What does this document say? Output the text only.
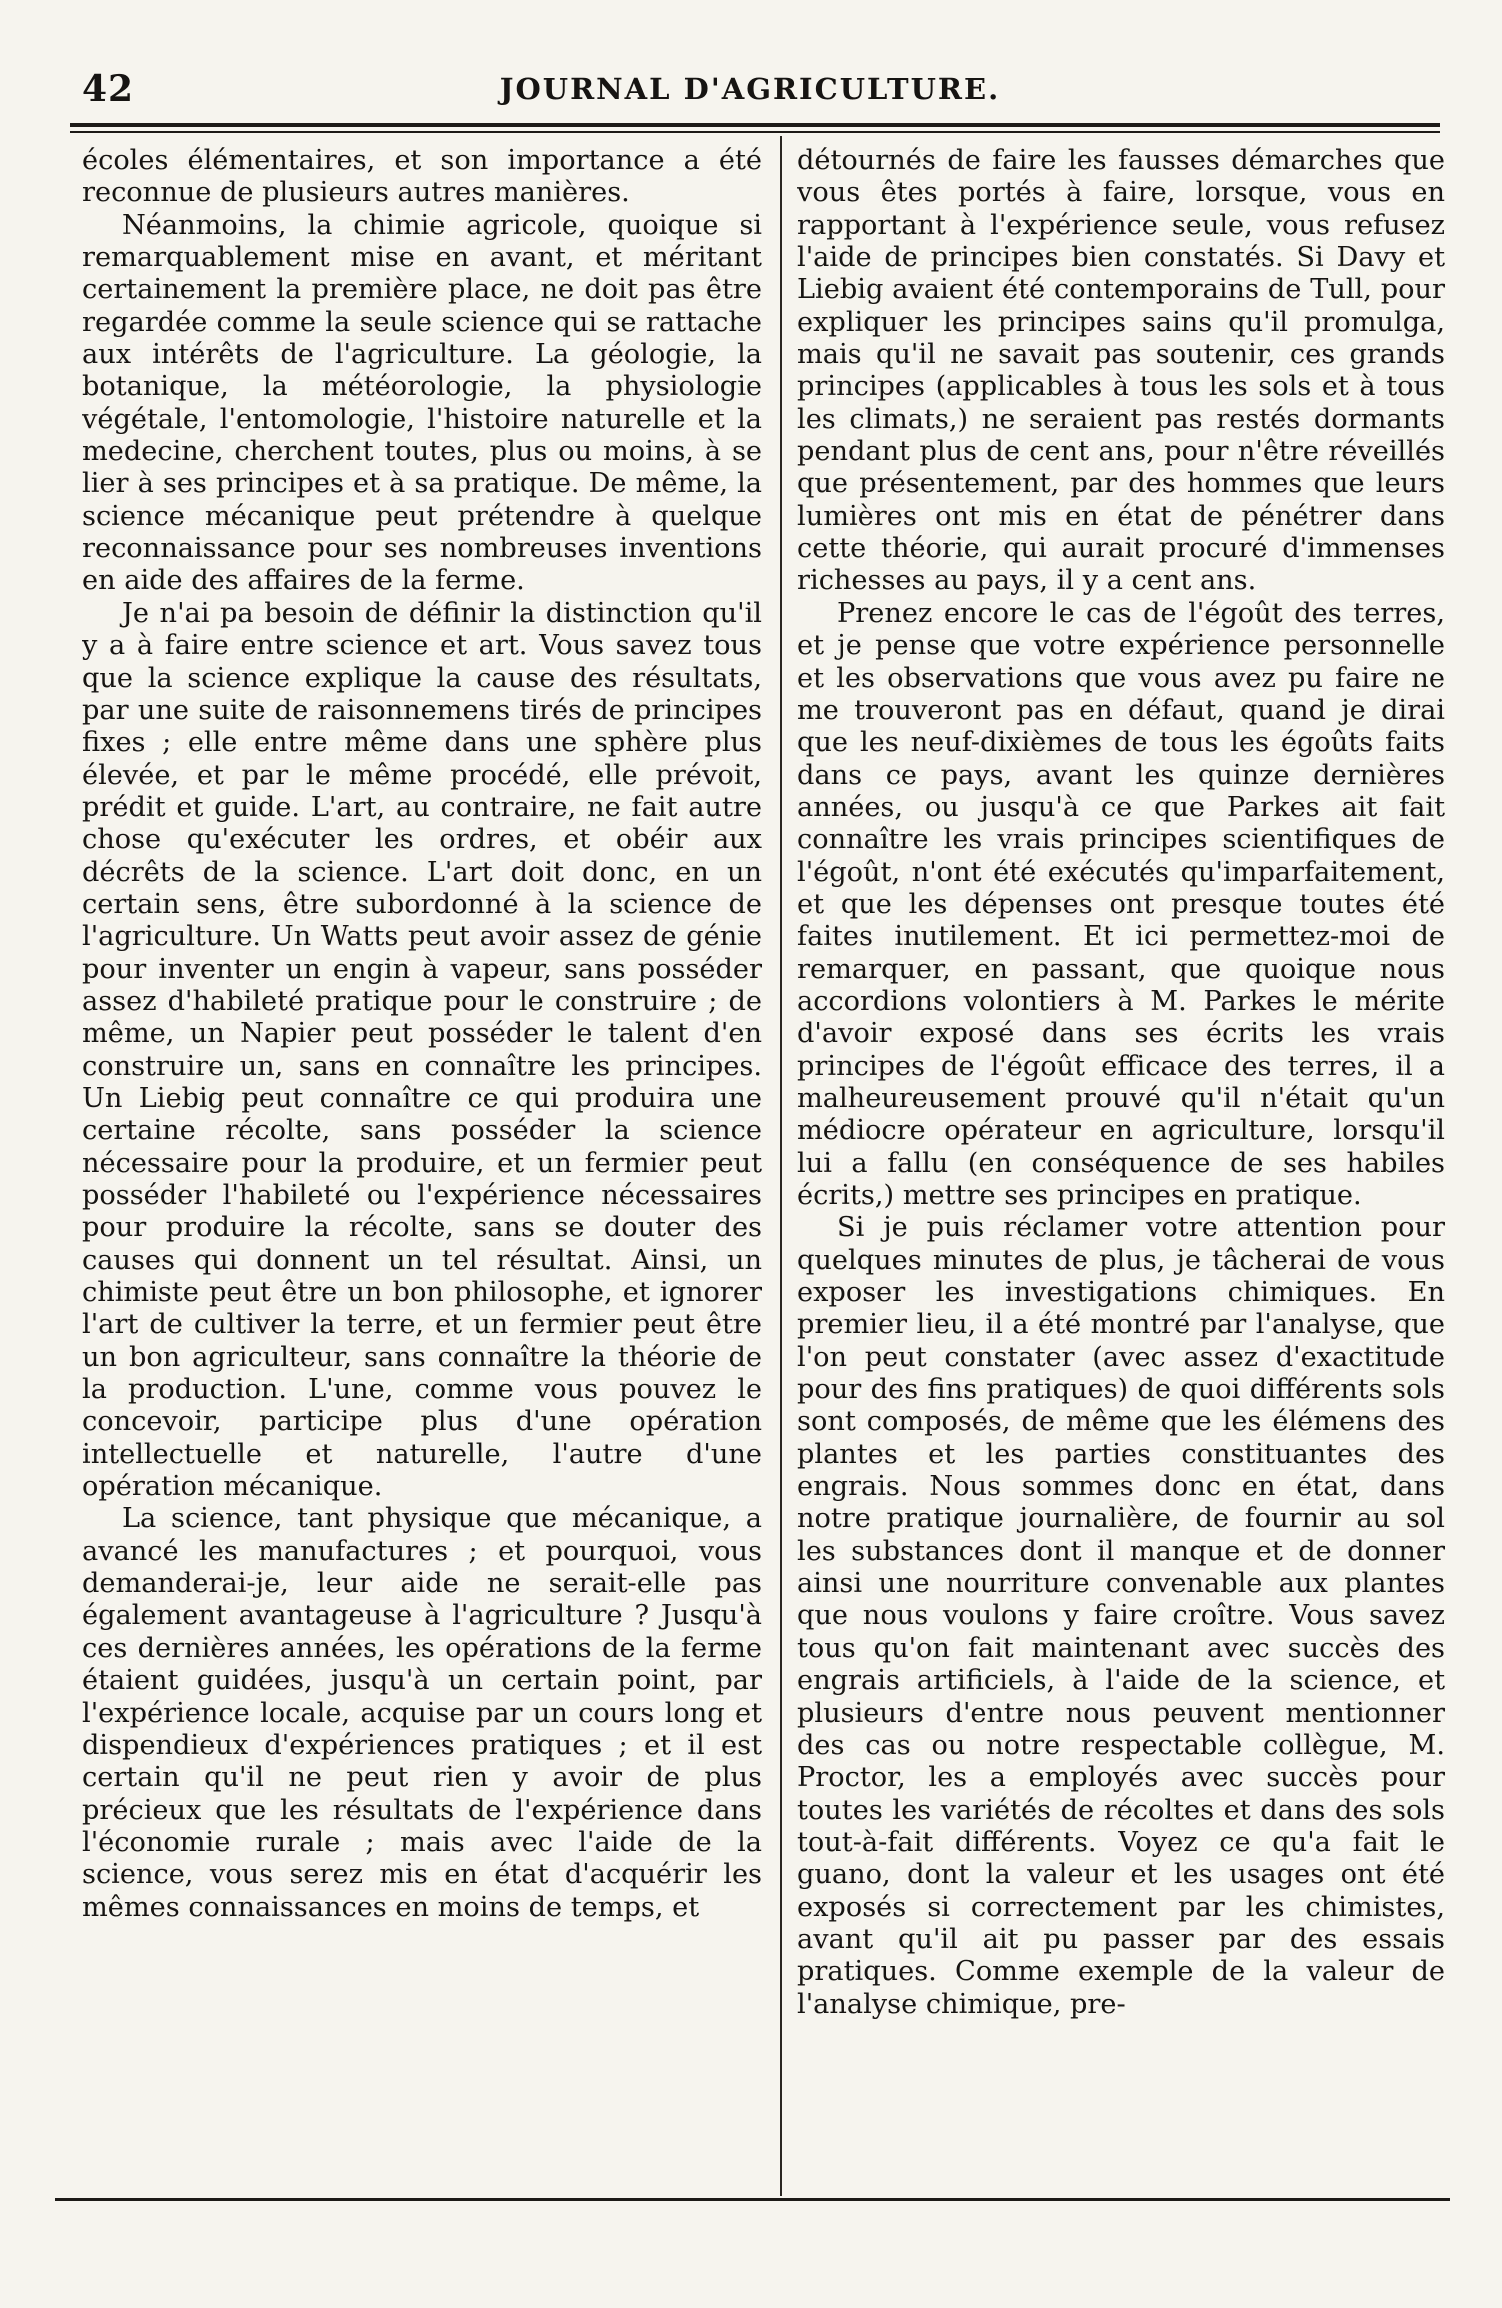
42	JOURNAL D'AGRICULTURE.

écoles élémentaires, et son importance a été reconnue de plusieurs autres manières.

Néanmoins, la chimie agricole, quoique si remarquablement mise en avant, et méritant certainement la première place, ne doit pas être regardée comme la seule science qui se rattache aux intérêts de l'agriculture. La géologie, la botanique, la météorologie, la physiologie végétale, l'entomologie, l'histoire naturelle et la medecine, cherchent toutes, plus ou moins, à se lier à ses principes et à sa pratique. De même, la science mécanique peut prétendre à quelque reconnaissance pour ses nombreuses inventions en aide des affaires de la ferme.

Je n'ai pa besoin de définir la distinction qu'il y a à faire entre science et art. Vous savez tous que la science explique la cause des résultats, par une suite de raisonnemens tirés de principes fixes ; elle entre même dans une sphère plus élevée, et par le même procédé, elle prévoit, prédit et guide. L'art, au contraire, ne fait autre chose qu'exécuter les ordres, et obéir aux décrêts de la science. L'art doit donc, en un certain sens, être subordonné à la science de l'agriculture. Un Watts peut avoir assez de génie pour inventer un engin à vapeur, sans posséder assez d'habileté pratique pour le construire ; de même, un Napier peut posséder le talent d'en construire un, sans en connaître les principes. Un Liebig peut connaître ce qui produira une certaine récolte, sans posséder la science nécessaire pour la produire, et un fermier peut posséder l'habileté ou l'expérience nécessaires pour produire la récolte, sans se douter des causes qui donnent un tel résultat. Ainsi, un chimiste peut être un bon philosophe, et ignorer l'art de cultiver la terre, et un fermier peut être un bon agriculteur, sans connaître la théorie de la production. L'une, comme vous pouvez le concevoir, participe plus d'une opération intellectuelle et naturelle, l'autre d'une opération mécanique.

La science, tant physique que mécanique, a avancé les manufactures ; et pourquoi, vous demanderai-je, leur aide ne serait-elle pas également avantageuse à l'agriculture ? Jusqu'à ces dernières années, les opérations de la ferme étaient guidées, jusqu'à un certain point, par l'expérience locale, acquise par un cours long et dispendieux d'expériences pratiques ; et il est certain qu'il ne peut rien y avoir de plus précieux que les résultats de l'expérience dans l'économie rurale ; mais avec l'aide de la science, vous serez mis en état d'acquérir les mêmes connaissances en moins de temps, et

détournés de faire les fausses démarches que vous êtes portés à faire, lorsque, vous en rapportant à l'expérience seule, vous refusez l'aide de principes bien constatés. Si Davy et Liebig avaient été contemporains de Tull, pour expliquer les principes sains qu'il promulga, mais qu'il ne savait pas soutenir, ces grands principes (applicables à tous les sols et à tous les climats,) ne seraient pas restés dormants pendant plus de cent ans, pour n'être réveillés que présentement, par des hommes que leurs lumières ont mis en état de pénétrer dans cette théorie, qui aurait procuré d'immenses richesses au pays, il y a cent ans.

Prenez encore le cas de l'égoût des terres, et je pense que votre expérience personnelle et les observations que vous avez pu faire ne me trouveront pas en défaut, quand je dirai que les neuf-dixièmes de tous les égoûts faits dans ce pays, avant les quinze dernières années, ou jusqu'à ce que Parkes ait fait connaître les vrais principes scientifiques de l'égoût, n'ont été exécutés qu'imparfaitement, et que les dépenses ont presque toutes été faites inutilement. Et ici permettez-moi de remarquer, en passant, que quoique nous accordions volontiers à M. Parkes le mérite d'avoir exposé dans ses écrits les vrais principes de l'égoût efficace des terres, il a malheureusement prouvé qu'il n'était qu'un médiocre opérateur en agriculture, lorsqu'il lui a fallu (en conséquence de ses habiles écrits,) mettre ses principes en pratique.

Si je puis réclamer votre attention pour quelques minutes de plus, je tâcherai de vous exposer les investigations chimiques. En premier lieu, il a été montré par l'analyse, que l'on peut constater (avec assez d'exactitude pour des fins pratiques) de quoi différents sols sont composés, de même que les élémens des plantes et les parties constituantes des engrais. Nous sommes donc en état, dans notre pratique journalière, de fournir au sol les substances dont il manque et de donner ainsi une nourriture convenable aux plantes que nous voulons y faire croître. Vous savez tous qu'on fait maintenant avec succès des engrais artificiels, à l'aide de la science, et plusieurs d'entre nous peuvent mentionner des cas ou notre respectable collègue, M. Proctor, les a employés avec succès pour toutes les variétés de récoltes et dans des sols tout-à-fait différents. Voyez ce qu'a fait le guano, dont la valeur et les usages ont été exposés si correctement par les chimistes, avant qu'il ait pu passer par des essais pratiques. Comme exemple de la valeur de l'analyse chimique, pre-
